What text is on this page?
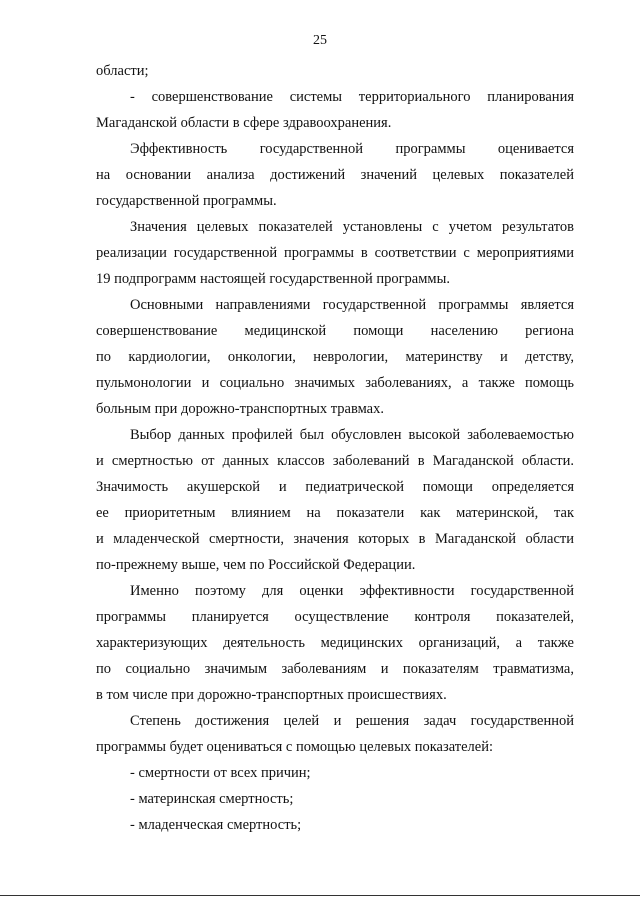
25
области;
- совершенствование системы территориального планирования
Магаданской области в сфере здравоохранения.
Эффективность государственной программы оценивается
на основании анализа достижений значений целевых показателей
государственной программы.
Значения целевых показателей установлены с учетом результатов
реализации государственной программы в соответствии с мероприятиями
19 подпрограмм настоящей государственной программы.
Основными направлениями государственной программы является
совершенствование медицинской помощи населению региона
по кардиологии, онкологии, неврологии, материнству и детству,
пульмонологии и социально значимых заболеваниях, а также помощь
больным при дорожно-транспортных травмах.
Выбор данных профилей был обусловлен высокой заболеваемостью
и смертностью от данных классов заболеваний в Магаданской области.
Значимость акушерской и педиатрической помощи определяется
ее приоритетным влиянием на показатели как материнской, так
и младенческой смертности, значения которых в Магаданской области
по-прежнему выше, чем по Российской Федерации.
Именно поэтому для оценки эффективности государственной
программы планируется осуществление контроля показателей,
характеризующих деятельность медицинских организаций, а также
по социально значимым заболеваниям и показателям травматизма,
в том числе при дорожно-транспортных происшествиях.
Степень достижения целей и решения задач государственной
программы будет оцениваться с помощью целевых показателей:
- смертности от всех причин;
- материнская смертность;
- младенческая смертность;
